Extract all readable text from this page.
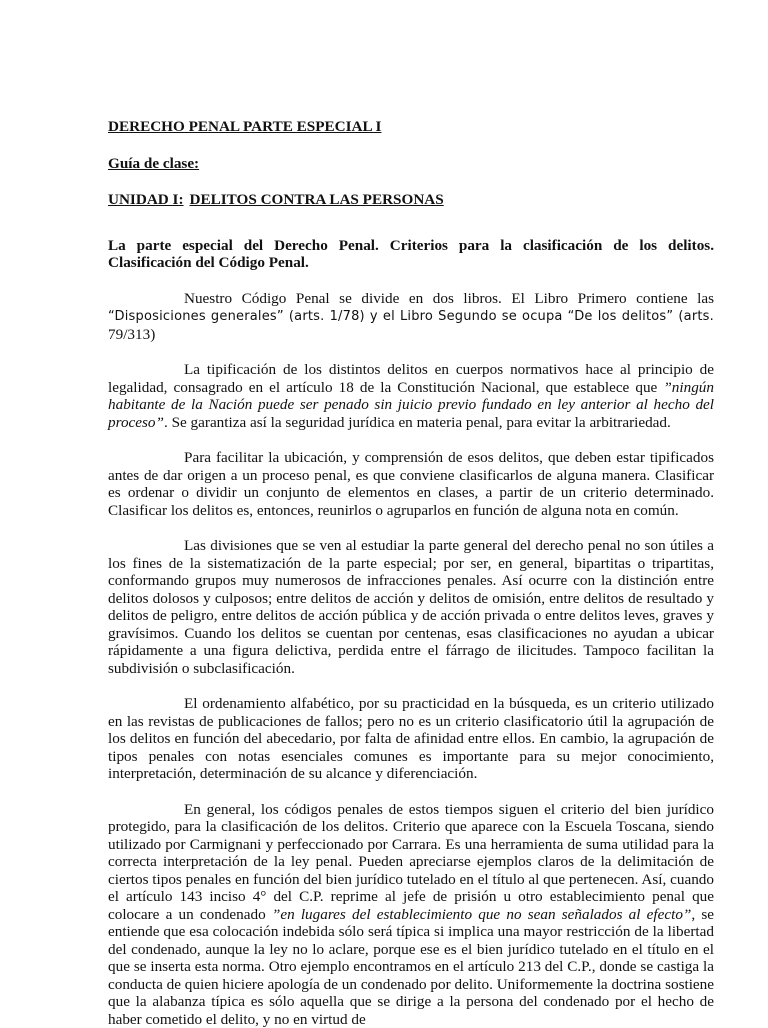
DERECHO PENAL PARTE ESPECIAL I

Guía de clase:

UNIDAD I: DELITOS CONTRA LAS PERSONAS

La parte especial del Derecho Penal. Criterios para la clasificación de los delitos. Clasificación del Código Penal.

Nuestro Código Penal se divide en dos libros. El Libro Primero contiene las “Disposiciones generales” (arts. 1/78) y el Libro Segundo se ocupa “De los delitos” (arts. 79/313)

La tipificación de los distintos delitos en cuerpos normativos hace al principio de legalidad, consagrado en el artículo 18 de la Constitución Nacional, que establece que ”ningún habitante de la Nación puede ser penado sin juicio previo fundado en ley anterior al hecho del proceso”. Se garantiza así la seguridad jurídica en materia penal, para evitar la arbitrariedad.

Para facilitar la ubicación, y comprensión de esos delitos, que deben estar tipificados antes de dar origen a un proceso penal, es que conviene clasificarlos de alguna manera. Clasificar es ordenar o dividir un conjunto de elementos en clases, a partir de un criterio determinado. Clasificar los delitos es, entonces, reunirlos o agruparlos en función de alguna nota en común.

Las divisiones que se ven al estudiar la parte general del derecho penal no son útiles a los fines de la sistematización de la parte especial; por ser, en general, bipartitas o tripartitas, conformando grupos muy numerosos de infracciones penales. Así ocurre con la distinción entre delitos dolosos y culposos; entre delitos de acción y delitos de omisión, entre delitos de resultado y delitos de peligro, entre delitos de acción pública y de acción privada o entre delitos leves, graves y gravísimos. Cuando los delitos se cuentan por centenas, esas clasificaciones no ayudan a ubicar rápidamente a una figura delictiva, perdida entre el fárrago de ilicitudes. Tampoco facilitan la subdivisión o subclasificación.

El ordenamiento alfabético, por su practicidad en la búsqueda, es un criterio utilizado en las revistas de publicaciones de fallos; pero no es un criterio clasificatorio útil la agrupación de los delitos en función del abecedario, por falta de afinidad entre ellos. En cambio, la agrupación de tipos penales con notas esenciales comunes es importante para su mejor conocimiento, interpretación, determinación de su alcance y diferenciación.

En general, los códigos penales de estos tiempos siguen el criterio del bien jurídico protegido, para la clasificación de los delitos. Criterio que aparece con la Escuela Toscana, siendo utilizado por Carmignani y perfeccionado por Carrara. Es una herramienta de suma utilidad para la correcta interpretación de la ley penal. Pueden apreciarse ejemplos claros de la delimitación de ciertos tipos penales en función del bien jurídico tutelado en el título al que pertenecen. Así, cuando el artículo 143 inciso 4° del C.P. reprime al jefe de prisión u otro establecimiento penal que colocare a un condenado ”en lugares del establecimiento que no sean señalados al efecto”, se entiende que esa colocación indebida sólo será típica si implica una mayor restricción de la libertad del condenado, aunque la ley no lo aclare, porque ese es el bien jurídico tutelado en el título en el que se inserta esta norma. Otro ejemplo encontramos en el artículo 213 del C.P., donde se castiga la conducta de quien hiciere apología de un condenado por delito. Uniformemente la doctrina sostiene que la alabanza típica es sólo aquella que se dirige a la persona del condenado por el hecho de haber cometido el delito, y no en virtud de
